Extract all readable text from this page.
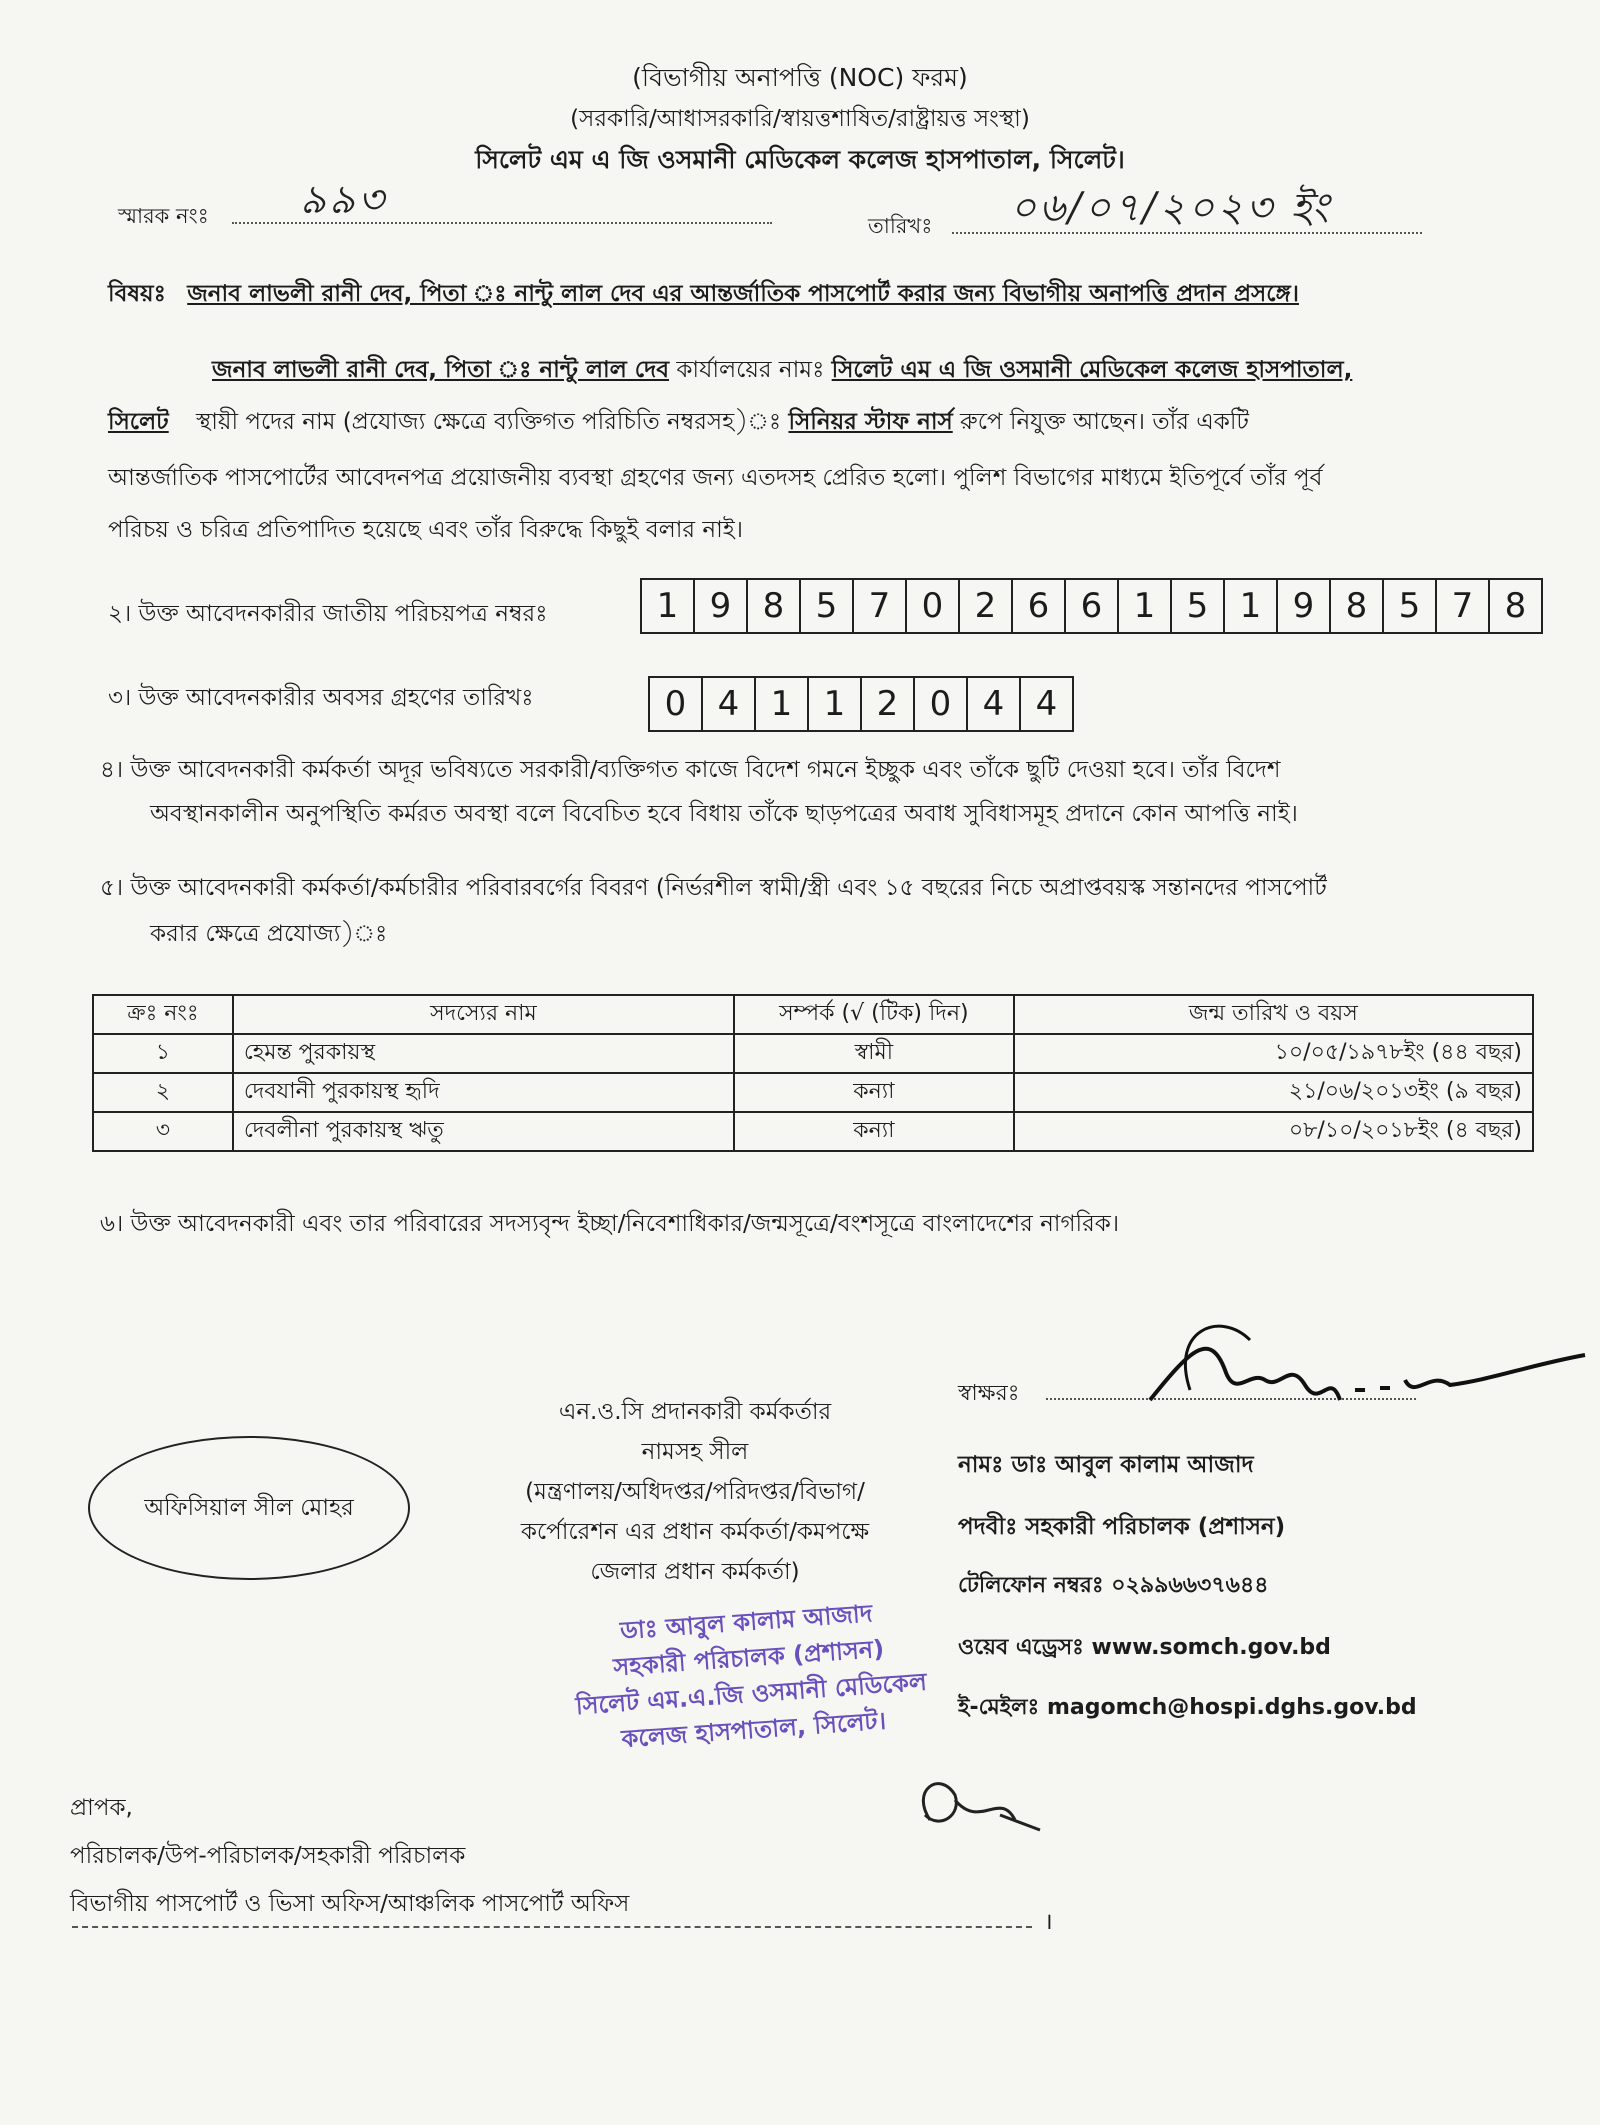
(বিভাগীয় অনাপত্তি (NOC) ফরম)
(সরকারি/আধাসরকারি/স্বায়ত্তশাষিত/রাষ্ট্রায়ত্ত সংস্থা)
সিলেট এম এ জি ওসমানী মেডিকেল কলেজ হাসপাতাল, সিলেট।
স্মারক নংঃ ৯৯৩
তারিখঃ ০৬/০৭/২০২৩ ইং
বিষয়ঃ জনাব লাভলী রানী দেব, পিতা ঃ নান্টু লাল দেব এর আন্তর্জাতিক পাসপোর্ট করার জন্য বিভাগীয় অনাপত্তি প্রদান প্রসঙ্গে।
জনাব লাভলী রানী দেব, পিতা ঃ নান্টু লাল দেব কার্যালয়ের নামঃ সিলেট এম এ জি ওসমানী মেডিকেল কলেজ হাসপাতাল,
সিলেট স্থায়ী পদের নাম (প্রযোজ্য ক্ষেত্রে ব্যক্তিগত পরিচিতি নম্বরসহ)ঃ সিনিয়র স্টাফ নার্স রুপে নিযুক্ত আছেন। তাঁর একটি
আন্তর্জাতিক পাসপোর্টের আবেদনপত্র প্রয়োজনীয় ব্যবস্থা গ্রহণের জন্য এতদসহ প্রেরিত হলো। পুলিশ বিভাগের মাধ্যমে ইতিপূর্বে তাঁর পূর্ব
পরিচয় ও চরিত্র প্রতিপাদিত হয়েছে এবং তাঁর বিরুদ্ধে কিছুই বলার নাই।
২। উক্ত আবেদনকারীর জাতীয় পরিচয়পত্র নম্বরঃ	1 9 8 5 7 0 2 6 6 1 5 1 9 8 5 7 8
৩। উক্ত আবেদনকারীর অবসর গ্রহণের তারিখঃ	0 4 1 1 2 0 4 4
৪। উক্ত আবেদনকারী কর্মকর্তা অদূর ভবিষ্যতে সরকারী/ব্যক্তিগত কাজে বিদেশ গমনে ইচ্ছুক এবং তাঁকে ছুটি দেওয়া হবে। তাঁর বিদেশ
অবস্থানকালীন অনুপস্থিতি কর্মরত অবস্থা বলে বিবেচিত হবে বিধায় তাঁকে ছাড়পত্রের অবাধ সুবিধাসমূহ প্রদানে কোন আপত্তি নাই।
৫। উক্ত আবেদনকারী কর্মকর্তা/কর্মচারীর পরিবারবর্গের বিবরণ (নির্ভরশীল স্বামী/স্ত্রী এবং ১৫ বছরের নিচে অপ্রাপ্তবয়স্ক সন্তানদের পাসপোর্ট
করার ক্ষেত্রে প্রযোজ্য)ঃ
ক্রঃ নংঃ	সদস্যের নাম	সম্পর্ক (√ (টিক) দিন)	জন্ম তারিখ ও বয়স
১	হেমন্ত পুরকায়স্থ	স্বামী	১০/০৫/১৯৭৮ইং (৪৪ বছর)
২	দেবযানী পুরকায়স্থ হৃদি	কন্যা	২১/০৬/২০১৩ইং (৯ বছর)
৩	দেবলীনা পুরকায়স্থ ঋতু	কন্যা	০৮/১০/২০১৮ইং (৪ বছর)
৬। উক্ত আবেদনকারী এবং তার পরিবারের সদস্যবৃন্দ ইচ্ছা/নিবেশাধিকার/জন্মসূত্রে/বংশসূত্রে বাংলাদেশের নাগরিক।
অফিসিয়াল সীল মোহর
এন.ও.সি প্রদানকারী কর্মকর্তার
নামসহ সীল
(মন্ত্রণালয়/অধিদপ্তর/পরিদপ্তর/বিভাগ/
কর্পোরেশন এর প্রধান কর্মকর্তা/কমপক্ষে
জেলার প্রধান কর্মকর্তা)
ডাঃ আবুল কালাম আজাদ
সহকারী পরিচালক (প্রশাসন)
সিলেট এম.এ.জি ওসমানী মেডিকেল
কলেজ হাসপাতাল, সিলেট।
স্বাক্ষরঃ
নামঃ ডাঃ আবুল কালাম আজাদ
পদবীঃ সহকারী পরিচালক (প্রশাসন)
টেলিফোন নম্বরঃ ০২৯৯৬৬৩৭৬৪৪
ওয়েব এড্রেসঃ www.somch.gov.bd
ই-মেইলঃ magomch@hospi.dghs.gov.bd
প্রাপক,
পরিচালক/উপ-পরিচালক/সহকারী পরিচালক
বিভাগীয় পাসপোর্ট ও ভিসা অফিস/আঞ্চলিক পাসপোর্ট অফিস
।
